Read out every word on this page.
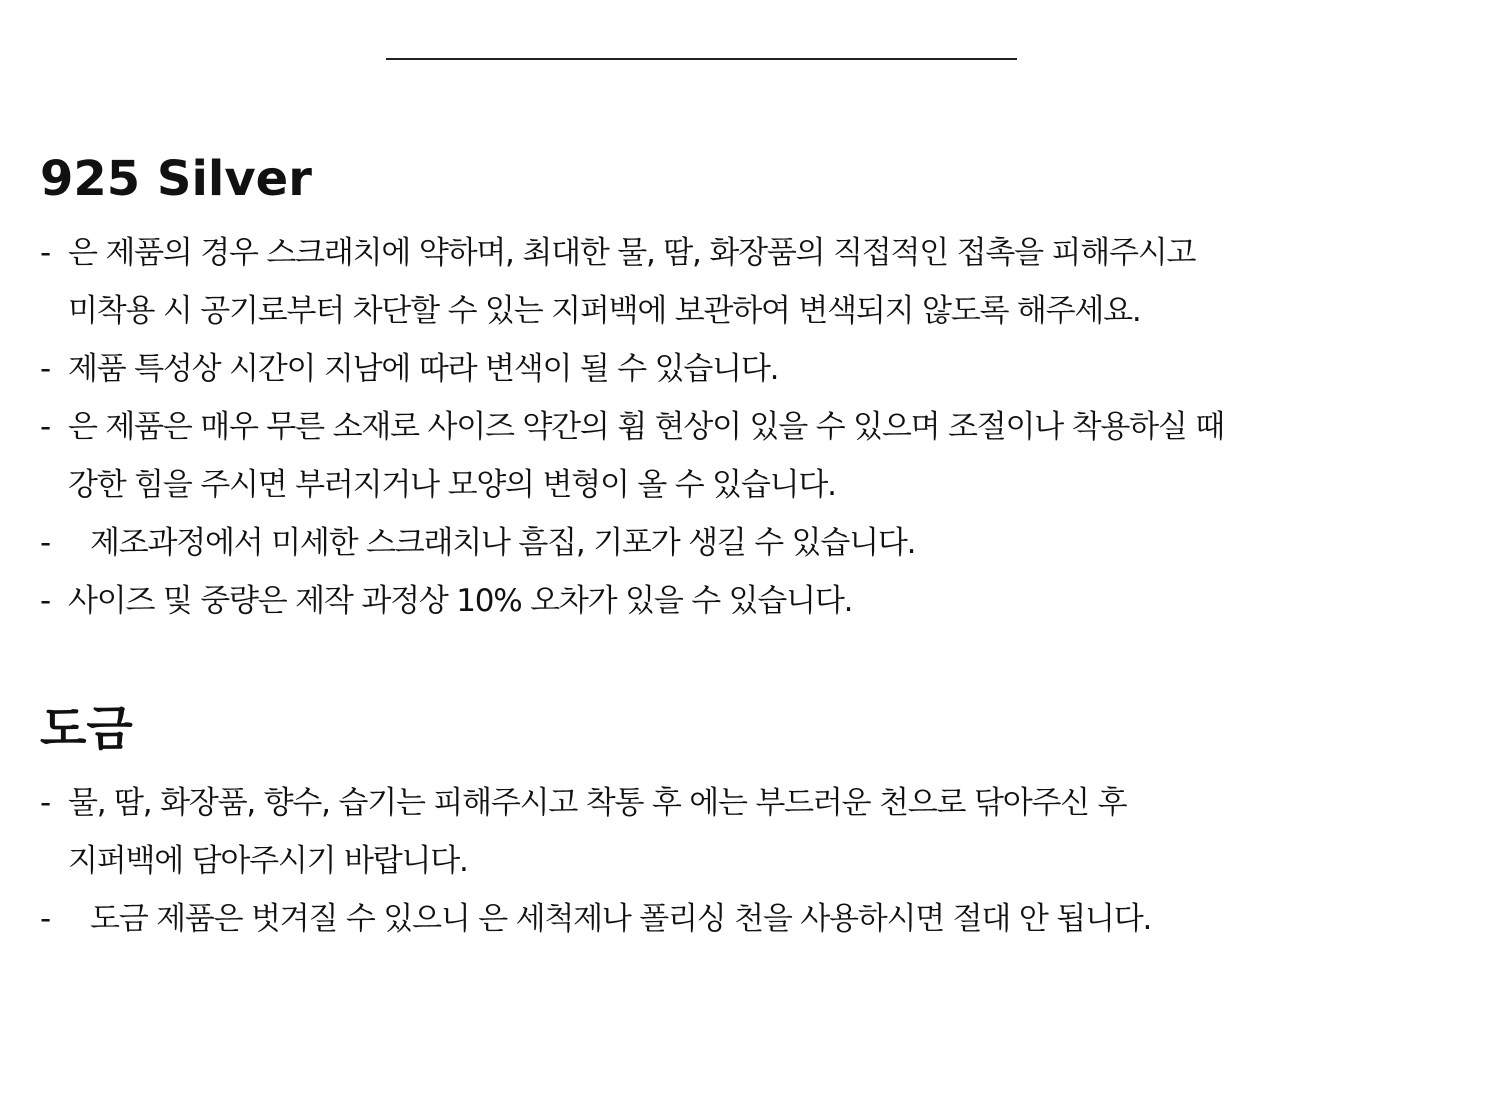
925 Silver
- 은 제품의 경우 스크래치에 약하며, 최대한 물, 땀, 화장품의 직접적인 접촉을 피해주시고
미착용 시 공기로부터 차단할 수 있는 지퍼백에 보관하여 변색되지 않도록 해주세요.
- 제품 특성상 시간이 지남에 따라 변색이 될 수 있습니다.
- 은 제품은 매우 무른 소재로 사이즈 약간의 휨 현상이 있을 수 있으며 조절이나 착용하실 때
강한 힘을 주시면 부러지거나 모양의 변형이 올 수 있습니다.
-	제조과정에서 미세한 스크래치나 흠집, 기포가 생길 수 있습니다.
- 사이즈 및 중량은 제작 과정상 10% 오차가 있을 수 있습니다.
도금
- 물, 땀, 화장품, 향수, 습기는 피해주시고 착통 후 에는 부드러운 천으로 닦아주신 후
지퍼백에 담아주시기 바랍니다.
-	도금 제품은 벗겨질 수 있으니 은 세척제나 폴리싱 천을 사용하시면 절대 안 됩니다.
